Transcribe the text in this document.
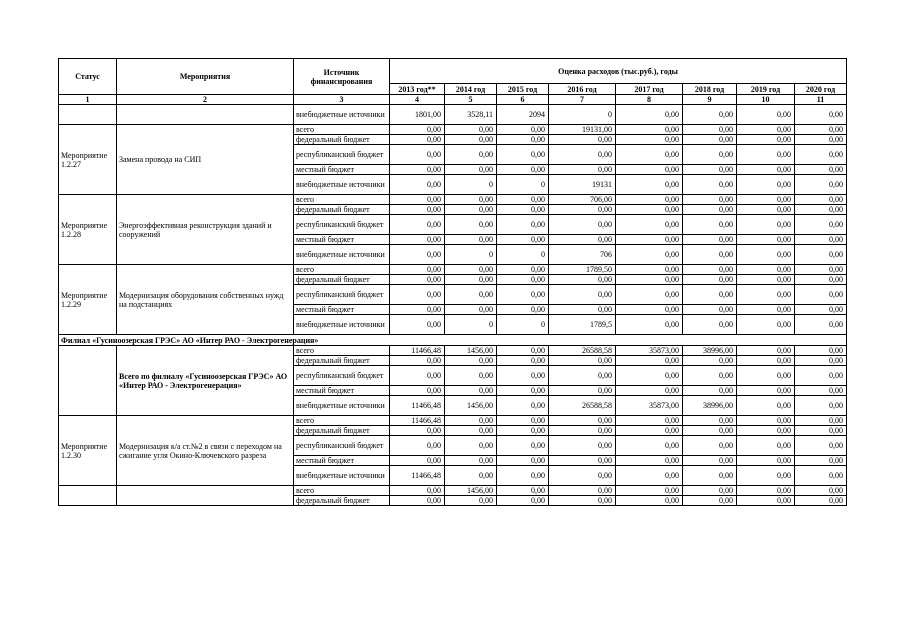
Статус	Мероприятия	Источник финансирования	Оценка расходов (тыс.руб.), годы							
			2013 год**	2014 год	2015 год	2016 год	2017 год	2018 год	2019 год	2020 год
1	2	3	4	5	6	7	8	9	10	11
		внебюджетные источники	1801,00	3528,11	2094	0	0,00	0,00	0,00	0,00
Мероприятие 1.2.27	Замена провода на СИП	всего	0,00	0,00	0,00	19131,00	0,00	0,00	0,00	0,00
		федеральный бюджет	0,00	0,00	0,00	0,00	0,00	0,00	0,00	0,00
		республиканский бюджет	0,00	0,00	0,00	0,00	0,00	0,00	0,00	0,00
		местный бюджет	0,00	0,00	0,00	0,00	0,00	0,00	0,00	0,00
		внебюджетные источники	0,00	0	0	19131	0,00	0,00	0,00	0,00
Мероприятие 1.2.28	Энергоэффективная реконструкция зданий и сооружений	всего	0,00	0,00	0,00	706,00	0,00	0,00	0,00	0,00
		федеральный бюджет	0,00	0,00	0,00	0,00	0,00	0,00	0,00	0,00
		республиканский бюджет	0,00	0,00	0,00	0,00	0,00	0,00	0,00	0,00
		местный бюджет	0,00	0,00	0,00	0,00	0,00	0,00	0,00	0,00
		внебюджетные источники	0,00	0	0	706	0,00	0,00	0,00	0,00
Мероприятие 1.2.29	Модернизация оборудования собственных нужд на подстанциях	всего	0,00	0,00	0,00	1789,50	0,00	0,00	0,00	0,00
		федеральный бюджет	0,00	0,00	0,00	0,00	0,00	0,00	0,00	0,00
		республиканский бюджет	0,00	0,00	0,00	0,00	0,00	0,00	0,00	0,00
		местный бюджет	0,00	0,00	0,00	0,00	0,00	0,00	0,00	0,00
		внебюджетные источники	0,00	0	0	1789,5	0,00	0,00	0,00	0,00
Филиал «Гусиноозерская ГРЭС» АО «Интер РАО - Электрогенерация»										
	Всего по филиалу «Гусиноозерская ГРЭС» АО «Интер РАО - Электрогенерация»	всего	11466,48	1456,00	0,00	26588,58	35873,00	38996,00	0,00	0,00
		федеральный бюджет	0,00	0,00	0,00	0,00	0,00	0,00	0,00	0,00
		республиканский бюджет	0,00	0,00	0,00	0,00	0,00	0,00	0,00	0,00
		местный бюджет	0,00	0,00	0,00	0,00	0,00	0,00	0,00	0,00
		внебюджетные источники	11466,48	1456,00	0,00	26588,58	35873,00	38996,00	0,00	0,00
Мероприятие 1.2.30	Модернизация к/а ст.№2 в связи с переходом на сжигание угля Окино-Ключевского разреза	всего	11466,48	0,00	0,00	0,00	0,00	0,00	0,00	0,00
		федеральный бюджет	0,00	0,00	0,00	0,00	0,00	0,00	0,00	0,00
		республиканский бюджет	0,00	0,00	0,00	0,00	0,00	0,00	0,00	0,00
		местный бюджет	0,00	0,00	0,00	0,00	0,00	0,00	0,00	0,00
		внебюджетные источники	11466,48	0,00	0,00	0,00	0,00	0,00	0,00	0,00
		всего	0,00	1456,00	0,00	0,00	0,00	0,00	0,00	0,00
		федеральный бюджет	0,00	0,00	0,00	0,00	0,00	0,00	0,00	0,00
